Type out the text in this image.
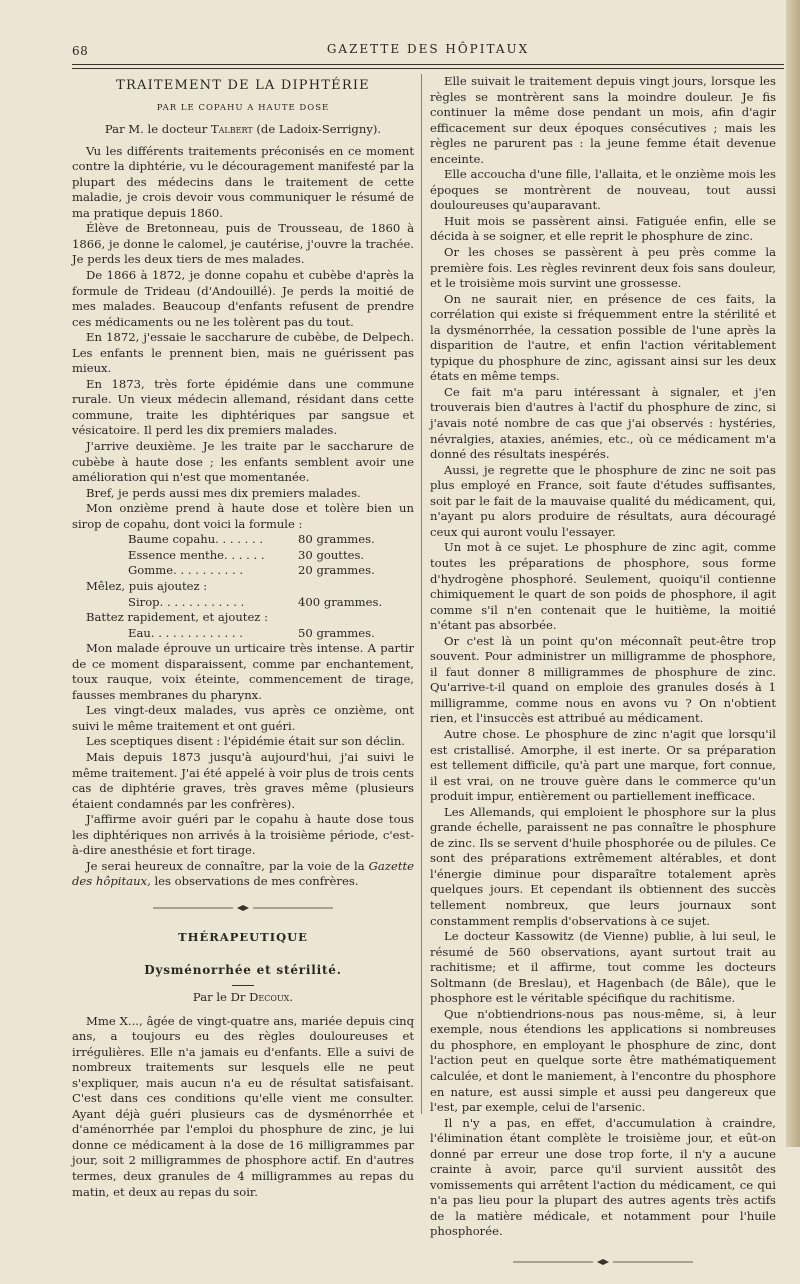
68	GAZETTE DES HÔPITAUX
TRAITEMENT DE LA DIPHTÉRIE
PAR LE COPAHU A HAUTE DOSE

Par M. le docteur Talbert (de Ladoix-Serrigny).

Vu les différents traitements préconisés en ce moment contre la diphtérie, vu le découragement manifesté par la plupart des médecins dans le traitement de cette maladie, je crois devoir vous communiquer le résumé de ma pratique depuis 1860.

Élève de Bretonneau, puis de Trousseau, de 1860 à 1866, je donne le calomel, je cautérise, j'ouvre la trachée. Je perds les deux tiers de mes malades.

De 1866 à 1872, je donne copahu et cubèbe d'après la formule de Trideau (d'Andouillé). Je perds la moitié de mes malades. Beaucoup d'enfants refusent de prendre ces médicaments ou ne les tolèrent pas du tout.

En 1872, j'essaie le saccharure de cubèbe, de Delpech. Les enfants le prennent bien, mais ne guérissent pas mieux.

En 1873, très forte épidémie dans une commune rurale. Un vieux médecin allemand, résidant dans cette commune, traite les diphtériques par sangsue et vésicatoire. Il perd les dix premiers malades.

J'arrive deuxième. Je les traite par le saccharure de cubèbe à haute dose ; les enfants semblent avoir une amélioration qui n'est que momentanée.

Bref, je perds aussi mes dix premiers malades.

Mon onzième prend à haute dose et tolère bien un sirop de copahu, dont voici la formule :

Baume copahu. . . . . . .	80 grammes.
Essence menthe. . . . . .	30 gouttes.
Gomme. . . . . . . . . .	20 grammes.

Mêlez, puis ajoutez :

Sirop. . . . . . . . . . . .	400 grammes.

Battez rapidement, et ajoutez :

Eau. . . . . . . . . . . . .	50 grammes.

Mon malade éprouve un urticaire très intense. A partir de ce moment disparaissent, comme par enchantement, toux rauque, voix éteinte, commencement de tirage, fausses membranes du pharynx.

Les vingt-deux malades, vus après ce onzième, ont suivi le même traitement et ont guéri.

Les sceptiques disent : l'épidémie était sur son déclin.

Mais depuis 1873 jusqu'à aujourd'hui, j'ai suivi le même traitement. J'ai été appelé à voir plus de trois cents cas de diphtérie graves, très graves même (plusieurs étaient condamnés par les confrères).

J'affirme avoir guéri par le copahu à haute dose tous les diphtériques non arrivés à la troisième période, c'est-à-dire anesthésie et fort tirage.

Je serai heureux de connaître, par la voie de la Gazette des hôpitaux, les observations de mes confrères.

THÉRAPEUTIQUE
Dysménorrhée et stérilité.

Par le Dr Decoux.

Mme X..., âgée de vingt-quatre ans, mariée depuis cinq ans, a toujours eu des règles douloureuses et irrégulières. Elle n'a jamais eu d'enfants. Elle a suivi de nombreux traitements sur lesquels elle ne peut s'expliquer, mais aucun n'a eu de résultat satisfaisant. C'est dans ces conditions qu'elle vient me consulter. Ayant déjà guéri plusieurs cas de dysménorrhée et d'aménorrhée par l'emploi du phosphure de zinc, je lui donne ce médicament à la dose de 16 milligrammes par jour, soit 2 milligrammes de phosphore actif. En d'autres termes, deux granules de 4 milligrammes au repas du matin, et deux au repas du soir.

Elle suivait le traitement depuis vingt jours, lorsque les règles se montrèrent sans la moindre douleur. Je fis continuer la même dose pendant un mois, afin d'agir efficacement sur deux époques consécutives ; mais les règles ne parurent pas : la jeune femme était devenue enceinte.

Elle accoucha d'une fille, l'allaita, et le onzième mois les époques se montrèrent de nouveau, tout aussi douloureuses qu'auparavant.

Huit mois se passèrent ainsi. Fatiguée enfin, elle se décida à se soigner, et elle reprit le phosphure de zinc.

Or les choses se passèrent à peu près comme la première fois. Les règles revinrent deux fois sans douleur, et le troisième mois survint une grossesse.

On ne saurait nier, en présence de ces faits, la corrélation qui existe si fréquemment entre la stérilité et la dysménorrhée, la cessation possible de l'une après la disparition de l'autre, et enfin l'action véritablement typique du phosphure de zinc, agissant ainsi sur les deux états en même temps.

Ce fait m'a paru intéressant à signaler, et j'en trouverais bien d'autres à l'actif du phosphure de zinc, si j'avais noté nombre de cas que j'ai observés : hystéries, névralgies, ataxies, anémies, etc., où ce médicament m'a donné des résultats inespérés.

Aussi, je regrette que le phosphure de zinc ne soit pas plus employé en France, soit faute d'études suffisantes, soit par le fait de la mauvaise qualité du médicament, qui, n'ayant pu alors produire de résultats, aura découragé ceux qui auront voulu l'essayer.

Un mot à ce sujet. Le phosphure de zinc agit, comme toutes les préparations de phosphore, sous forme d'hydrogène phosphoré. Seulement, quoiqu'il contienne chimiquement le quart de son poids de phosphore, il agit comme s'il n'en contenait que le huitième, la moitié n'étant pas absorbée.

Or c'est là un point qu'on méconnaît peut-être trop souvent. Pour administrer un milligramme de phosphore, il faut donner 8 milligrammes de phosphure de zinc. Qu'arrive-t-il quand on emploie des granules dosés à 1 milligramme, comme nous en avons vu ? On n'obtient rien, et l'insuccès est attribué au médicament.

Autre chose. Le phosphure de zinc n'agit que lorsqu'il est cristallisé. Amorphe, il est inerte. Or sa préparation est tellement difficile, qu'à part une marque, fort connue, il est vrai, on ne trouve guère dans le commerce qu'un produit impur, entièrement ou partiellement inefficace.

Les Allemands, qui emploient le phosphore sur la plus grande échelle, paraissent ne pas connaître le phosphure de zinc. Ils se servent d'huile phosphorée ou de pilules. Ce sont des préparations extrêmement altérables, et dont l'énergie diminue pour disparaître totalement après quelques jours. Et cependant ils obtiennent des succès tellement nombreux, que leurs journaux sont constamment remplis d'observations à ce sujet.

Le docteur Kassowitz (de Vienne) publie, à lui seul, le résumé de 560 observations, ayant surtout trait au rachitisme; et il affirme, tout comme les docteurs Soltmann (de Breslau), et Hagenbach (de Bâle), que le phosphore est le véritable spécifique du rachitisme.

Que n'obtiendrions-nous pas nous-même, si, à leur exemple, nous étendions les applications si nombreuses du phosphore, en employant le phosphure de zinc, dont l'action peut en quelque sorte être mathématiquement calculée, et dont le maniement, à l'encontre du phosphore en nature, est aussi simple et aussi peu dangereux que l'est, par exemple, celui de l'arsenic.

Il n'y a pas, en effet, d'accumulation à craindre, l'élimination étant complète le troisième jour, et eût-on donné par erreur une dose trop forte, il n'y a aucune crainte à avoir, parce qu'il survient aussitôt des vomissements qui arrêtent l'action du médicament, ce qui n'a pas lieu pour la plupart des autres agents très actifs de la matière médicale, et notamment pour l'huile phosphorée.
